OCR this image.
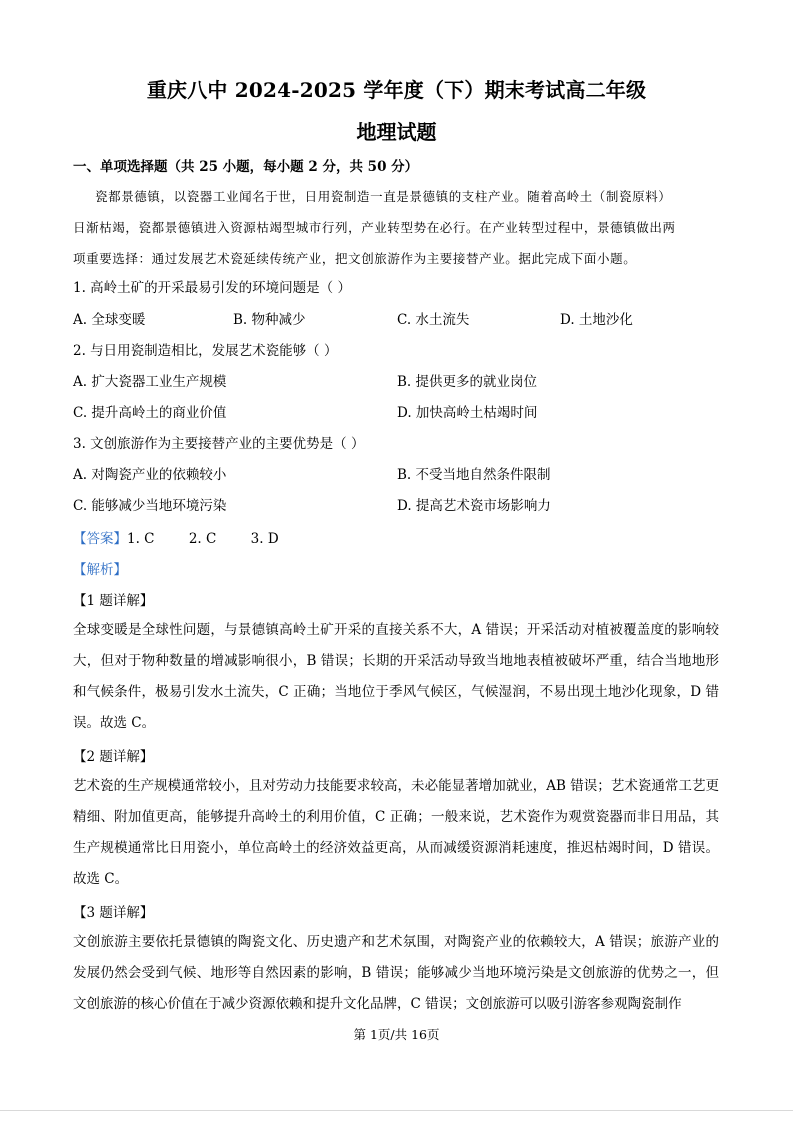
重庆八中 2024-2025 学年度（下）期末考试高二年级
地理试题
一、单项选择题（共 25 小题，每小题 2 分，共 50 分）
瓷都景德镇，以瓷器工业闻名于世，日用瓷制造一直是景德镇的支柱产业。随着高岭土（制瓷原料）
日渐枯竭，瓷都景德镇进入资源枯竭型城市行列，产业转型势在必行。在产业转型过程中，景德镇做出两
项重要选择：通过发展艺术瓷延续传统产业，把文创旅游作为主要接替产业。据此完成下面小题。
1. 高岭土矿的开采最易引发的环境问题是（ ）
A. 全球变暖	B. 物种减少	C. 水土流失	D. 土地沙化
2. 与日用瓷制造相比，发展艺术瓷能够（ ）
A. 扩大瓷器工业生产规模	B. 提供更多的就业岗位
C. 提升高岭土的商业价值	D. 加快高岭土枯竭时间
3. 文创旅游作为主要接替产业的主要优势是（ ）
A. 对陶瓷产业的依赖较小	B. 不受当地自然条件限制
C. 能够减少当地环境污染	D. 提高艺术瓷市场影响力
【答案】1. C        2. C        3. D
【解析】
【1 题详解】
全球变暖是全球性问题，与景德镇高岭土矿开采的直接关系不大，A 错误；开采活动对植被覆盖度的影响较大，但对于物种数量的增减影响很小，B 错误；长期的开采活动导致当地地表植被破坏严重，结合当地地形和气候条件，极易引发水土流失，C 正确；当地位于季风气候区，气候湿润，不易出现土地沙化现象，D 错误。故选 C。
【2 题详解】
艺术瓷的生产规模通常较小，且对劳动力技能要求较高，未必能显著增加就业，AB 错误；艺术瓷通常工艺更精细、附加值更高，能够提升高岭土的利用价值，C 正确；一般来说，艺术瓷作为观赏瓷器而非日用品，其生产规模通常比日用瓷小，单位高岭土的经济效益更高，从而减缓资源消耗速度，推迟枯竭时间，D 错误。故选 C。
【3 题详解】
文创旅游主要依托景德镇的陶瓷文化、历史遗产和艺术氛围，对陶瓷产业的依赖较大，A 错误；旅游产业的发展仍然会受到气候、地形等自然因素的影响，B 错误；能够减少当地环境污染是文创旅游的优势之一，但文创旅游的核心价值在于减少资源依赖和提升文化品牌，C 错误；文创旅游可以吸引游客参观陶瓷制作
第 1页/共 16页
